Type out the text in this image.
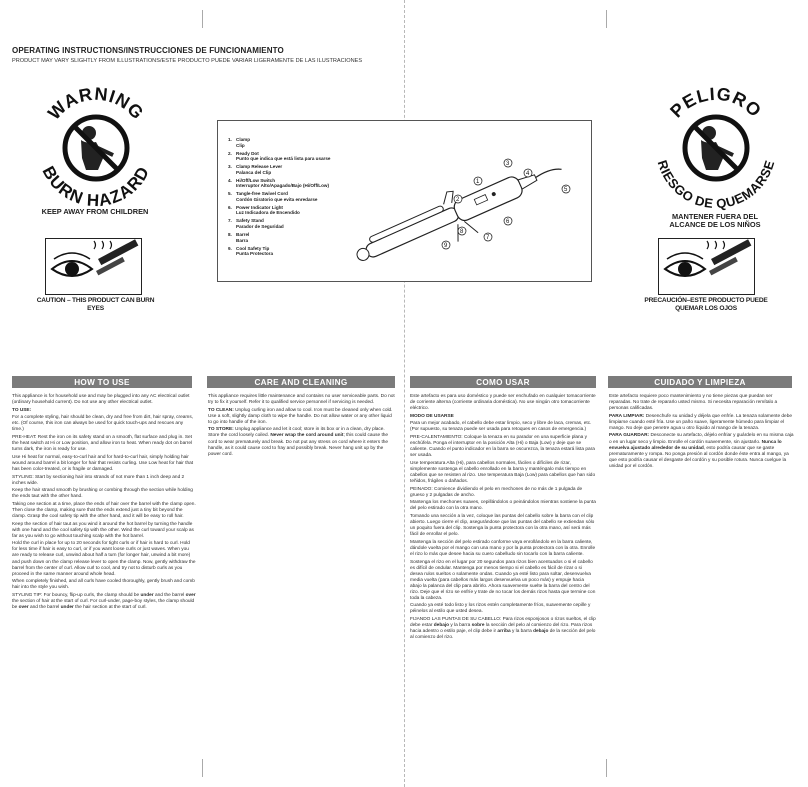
OPERATING INSTRUCTIONS/INSTRUCCIONES DE FUNCIONAMIENTO
PRODUCT MAY VARY SLIGHTLY FROM ILLUSTRATIONS/ESTE PRODUCTO PUEDE VARIAR LIGERAMENTE DE LAS ILUSTRACIONES
WARNING
BURN HAZARD
KEEP AWAY FROM CHILDREN
CAUTION – THIS PRODUCT CAN BURN EYES
PELIGRO
RIESGO DE QUEMARSE
MANTENER FUERA DEL
ALCANCE DE LOS NIÑOS
PRECAUCIÓN–ESTE PRODUCTO PUEDE
QUEMAR LOS OJOS
1. Clamp
Clip
2. Ready Dot
Punto que indica que está lista para usarse
3. Clamp Release Lever
Palanca del Clip
4. Hi/Off/Low Switch
Interruptor Alto/Apagado/Bajo (Hi/Off/Low)
5. Tangle-free Swivel Cord
Cordón Giratorio que evita enredarse
6. Power Indicator Light
Luz Indicadora de Encendido
7. Safety Stand
Parador de Seguridad
8. Barrel
Barra
9. Cool Safety Tip
Punta Protectora
3
4
1
2
5
6
7
8
9
HOW TO USE	CARE AND CLEANING	COMO USAR	CUIDADO Y LIMPIEZA

This appliance is for household use and may be plugged into any AC electrical outlet (ordinary household current). Do not use any other electrical outlet.

TO USE:

For a complete styling, hair should be clean, dry and free from dirt, hair spray, creams, etc. (Of course, this iron can always be used for quick touch-ups and rescues any time.)

PRE-HEAT: Rest the iron on its safety stand on a smooth, flat surface and plug in. Set the heat switch at Hi or Low position, and allow iron to heat. When ready dot on barrel turns dark, the iron is ready for use.

Use Hi heat for normal, easy-to-curl hair and for hard-to-curl hair, simply holding hair wound around barrel a bit longer for hair that resists curling. Use Low heat for hair that has been color-treated, or is fragile or damaged.

STYLING: Start by sectioning hair into strands of not more than 1 inch deep and 2 inches wide.

Keep the hair strand smooth by brushing or combing through the section while holding the ends taut with the other hand.

Taking one section at a time, place the ends of hair over the barrel with the clamp open. Then close the clamp, making sure that the ends extend just a tiny bit beyond the clamp. Grasp the cool safety tip with the other hand, and it will be easy to roll hair.

Keep the section of hair taut as you wind it around the hot barrel by turning the handle with one hand and the cool safety tip with the other. Wind the curl toward your scalp as far as you wish to go without touching scalp with the hot barrel.

Hold the curl in place for up to 20 seconds for tight curls or if hair is hard to curl. Hold for less time if hair is easy to curl, or if you want loose curls or just waves. When you are ready to release curl, unwind about half a turn (for longer hair, unwind a bit more) and push down on the clamp release lever to open the clamp. Now, gently withdraw the barrel from the center of curl. Allow curl to cool, and try not to disturb curls as you proceed in the same manner around whole head.

When completely finished, and all curls have cooled thoroughly, gently brush and comb hair into the style you wish.

STYLING TIP: For bouncy, flip-up curls, the clamp should be under and the barrel over the section of hair at the start of curl. For curl-under, page-boy styles, the clamp should be over and the barrel under the hair section at the start of curl.

This appliance requires little maintenance and contains no user serviceable parts. Do not try to fix it yourself. Refer it to qualified service personnel if servicing is needed.

TO CLEAN: Unplug curling iron and allow to cool. Iron must be cleaned only when cold. Use a soft, slightly damp cloth to wipe the handle. Do not allow water or any other liquid to go into handle of the iron.

TO STORE: Unplug appliance and let it cool; store in its box or in a clean, dry place. Store the cord loosely coiled. Never wrap the cord around unit; this could cause the cord to wear prematurely and break. Do not put any stress on cord where it enters the handle, as it could cause cord to fray and possibly break. Never hang unit up by the power cord.

Este artefacto es para uso doméstico y puede ser enchufado en cualquier tomacorriente de corriente alterna (corriente ordinaria doméstica). No use ningún otro tomacorriente eléctrico.

MODO DE USARSE

Para un mejor acabado, el cabello debe estar limpio, seco y libre de laca, cremas, etc. (Por supuesto, su tenaza puede ser usada para retoques en casos de emergencia.)

PRE-CALENTAMIENTO: Coloque la tenaza en su parador en una superficie plana y enchúfela. Ponga el interruptor en la posición Alta (Hi) o Baja (Low) y deje que se caliente. Cuando el punto indicador en la barra se oscurezca, la tenaza estará lista para ser usada.

Use temperatura Alta (Hi), para cabellos normales, fáciles o difíciles de rizar, simplemente sostenga el cabello enrollado en la barra y manténgalo más tiempo en cabellos que se resisten al rizo. Use temperatura Baja (Low) para cabellos que han sido teñidos, frágiles o dañados.

PEINADO: Comience dividiendo el pelo en mechones de no más de 1 pulgada de grueso y 2 pulgadas de ancho.

Mantenga los mechones suaves, cepillándolos o peinándolos mientras sostiene la punta del pelo estirado con la otra mano.

Tomando una sección a la vez, coloque las puntas del cabello sobre la barra con el clip abierto. Luego cierre el clip, asegurándose que las puntas del cabello se extiendan sólo un poquito fuera del clip. Sostenga la punta protectora con la otra mano, así será más fácil de enrollar el pelo.

Mantenga la sección del pelo estirado conforme vaya enrollándolo en la barra caliente, dándole vuelta por el mango con una mano y por la punta protectora con la otra. Enrolle el rizo lo más que desee hacia su cuero cabelludo sin tocarlo con la barra caliente.

Sostenga el rizo en el lugar por 20 segundos para rizos bien acentuados o si el cabello es difícil de ondular. Mantenga por menos tiempo si el cabello es fácil de rizar o si desea rulos sueltos o solamente ondas. Cuando ya esté listo para soltar, desenvuelva media vuelta (para cabellos más largos desenvuelva un poco más) y empuje hacia abajo la palanca del clip para abrirlo. Ahora suavemente suelte la barra del centro del rizo. Deje que el rizo se enfríe y trate de no tocar los demás rizos hasta que termine con toda la cabeza.

Cuando ya esté todo listo y los rizos estén completamente fríos, suavemente cepille y péinelos al estilo que usted desea.

FIJANDO LAS PUNTAS DE SU CABELLO: Para rizos esponjosos o rizos sueltos, el clip debe estar debajo y la barra sobre la sección del pelo al comienzo del rizo. Para rizos hacia adentro o estilo paje, el clip debe ir arriba y la barra debajo de la sección del pelo al comienzo del rizo.

Este artefacto requiere poco mantenimiento y no tiene piezas que puedan ser reparadas. No trate de repararlo usted mismo. Si necesita reparación remítalo a personas calificadas.

PARA LIMPIAR: Desenchufe su unidad y déjela que enfríe. La tenaza solamente debe limpiarse cuando esté fría. Use un paño suave, ligeramente húmedo para limpiar el mango. No deje que penetre agua u otro líquido al mango de la tenaza.

PARA GUARDAR: Desconecte su artefacto, déjelo enfriar y guárdelo en su misma caja o en un lugar seco y limpio. Enrolle el cordón suavemente, sin ajustarlo. Nunca lo envuelva ajustado alrededor de su unidad, esto podría causar que se gaste prematuramente y rompa. No ponga presión al cordón donde éste entra al mango, ya que esto podría causar el desgaste del cordón y su posible rotura. Nunca cuelgue la unidad por el cordón.
